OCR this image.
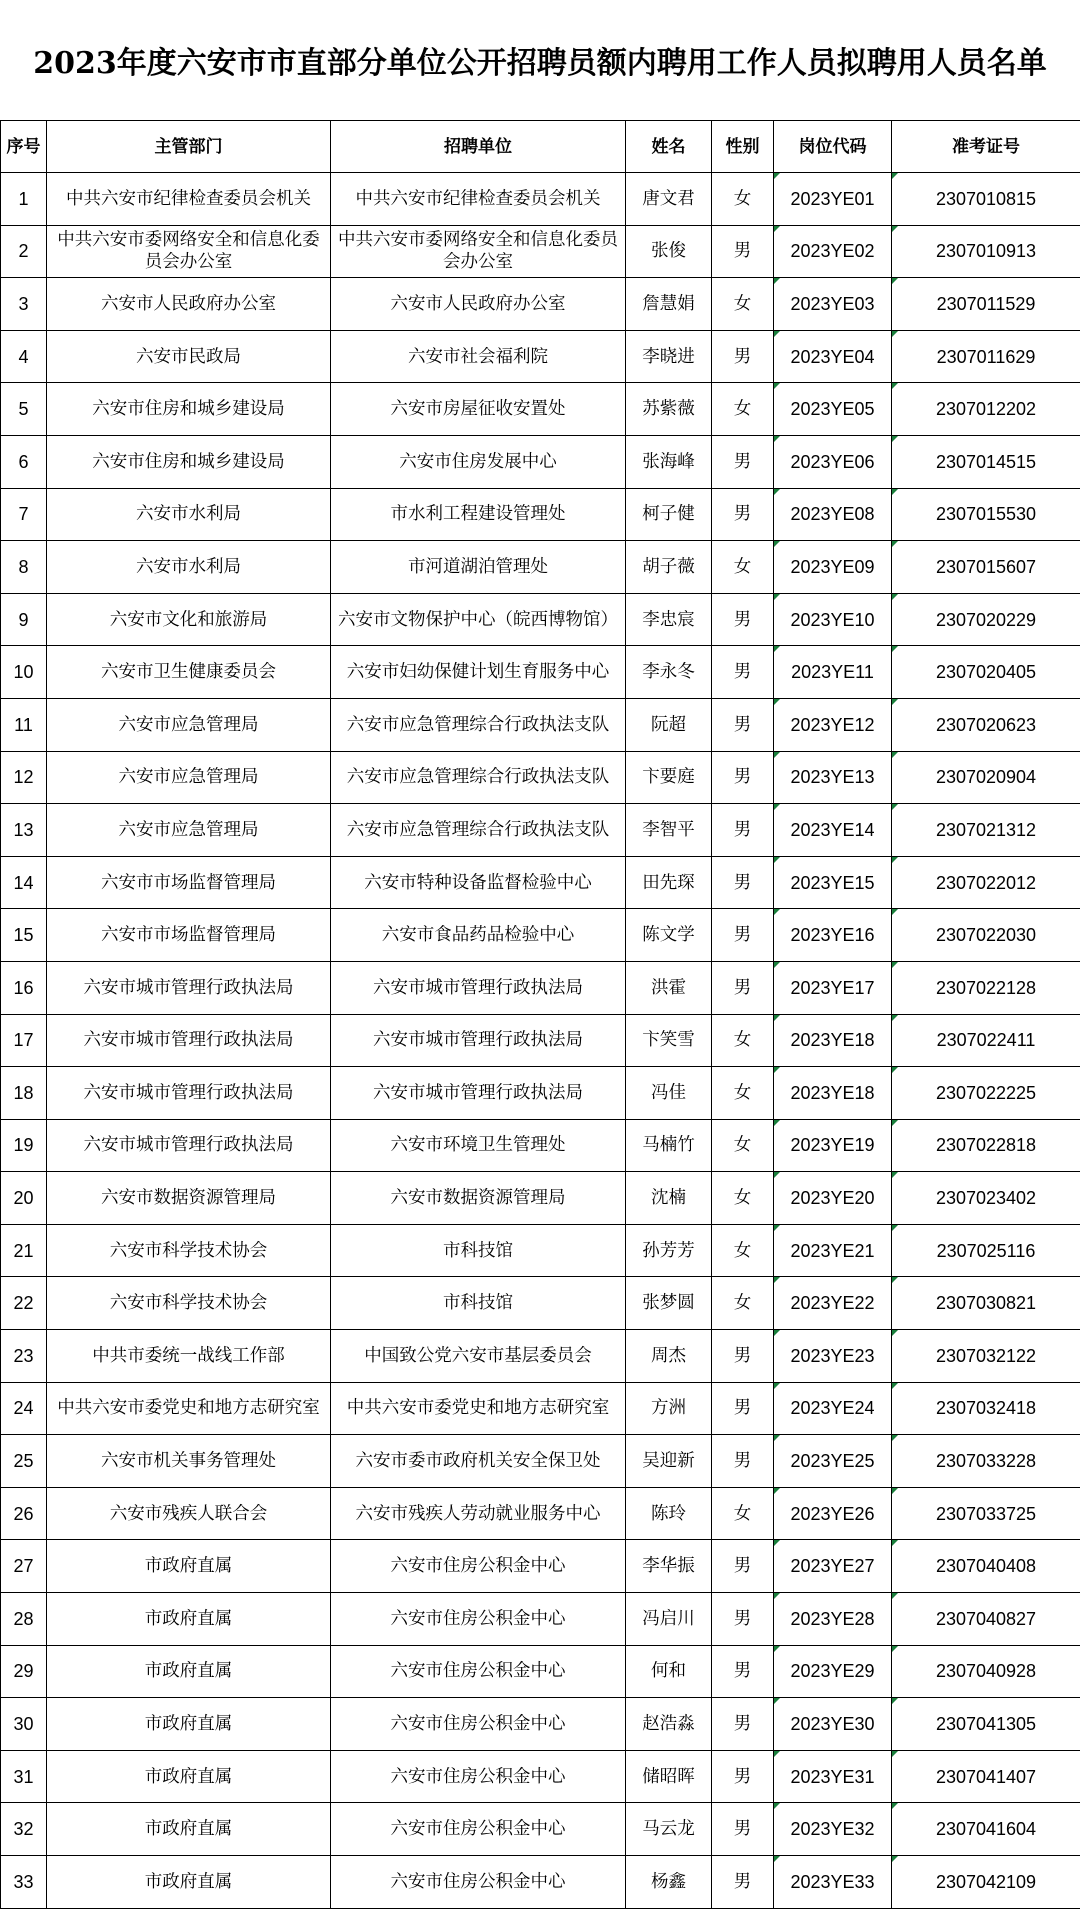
2023年度六安市市直部分单位公开招聘员额内聘用工作人员拟聘用人员名单
序号	主管部门	招聘单位	姓名	性别	岗位代码	准考证号
1	中共六安市纪律检查委员会机关	中共六安市纪律检查委员会机关	唐文君	女	2023YE01	2307010815
2	中共六安市委网络安全和信息化委员会办公室	中共六安市委网络安全和信息化委员会办公室	张俊	男	2023YE02	2307010913
3	六安市人民政府办公室	六安市人民政府办公室	詹慧娟	女	2023YE03	2307011529
4	六安市民政局	六安市社会福利院	李晓进	男	2023YE04	2307011629
5	六安市住房和城乡建设局	六安市房屋征收安置处	苏紫薇	女	2023YE05	2307012202
6	六安市住房和城乡建设局	六安市住房发展中心	张海峰	男	2023YE06	2307014515
7	六安市水利局	市水利工程建设管理处	柯子健	男	2023YE08	2307015530
8	六安市水利局	市河道湖泊管理处	胡子薇	女	2023YE09	2307015607
9	六安市文化和旅游局	六安市文物保护中心（皖西博物馆）	李忠宸	男	2023YE10	2307020229
10	六安市卫生健康委员会	六安市妇幼保健计划生育服务中心	李永冬	男	2023YE11	2307020405
11	六安市应急管理局	六安市应急管理综合行政执法支队	阮超	男	2023YE12	2307020623
12	六安市应急管理局	六安市应急管理综合行政执法支队	卞要庭	男	2023YE13	2307020904
13	六安市应急管理局	六安市应急管理综合行政执法支队	李智平	男	2023YE14	2307021312
14	六安市市场监督管理局	六安市特种设备监督检验中心	田先琛	男	2023YE15	2307022012
15	六安市市场监督管理局	六安市食品药品检验中心	陈文学	男	2023YE16	2307022030
16	六安市城市管理行政执法局	六安市城市管理行政执法局	洪霍	男	2023YE17	2307022128
17	六安市城市管理行政执法局	六安市城市管理行政执法局	卞笑雪	女	2023YE18	2307022411
18	六安市城市管理行政执法局	六安市城市管理行政执法局	冯佳	女	2023YE18	2307022225
19	六安市城市管理行政执法局	六安市环境卫生管理处	马楠竹	女	2023YE19	2307022818
20	六安市数据资源管理局	六安市数据资源管理局	沈楠	女	2023YE20	2307023402
21	六安市科学技术协会	市科技馆	孙芳芳	女	2023YE21	2307025116
22	六安市科学技术协会	市科技馆	张梦圆	女	2023YE22	2307030821
23	中共市委统一战线工作部	中国致公党六安市基层委员会	周杰	男	2023YE23	2307032122
24	中共六安市委党史和地方志研究室	中共六安市委党史和地方志研究室	方洲	男	2023YE24	2307032418
25	六安市机关事务管理处	六安市委市政府机关安全保卫处	吴迎新	男	2023YE25	2307033228
26	六安市残疾人联合会	六安市残疾人劳动就业服务中心	陈玲	女	2023YE26	2307033725
27	市政府直属	六安市住房公积金中心	李华振	男	2023YE27	2307040408
28	市政府直属	六安市住房公积金中心	冯启川	男	2023YE28	2307040827
29	市政府直属	六安市住房公积金中心	何和	男	2023YE29	2307040928
30	市政府直属	六安市住房公积金中心	赵浩淼	男	2023YE30	2307041305
31	市政府直属	六安市住房公积金中心	储昭晖	男	2023YE31	2307041407
32	市政府直属	六安市住房公积金中心	马云龙	男	2023YE32	2307041604
33	市政府直属	六安市住房公积金中心	杨鑫	男	2023YE33	2307042109
